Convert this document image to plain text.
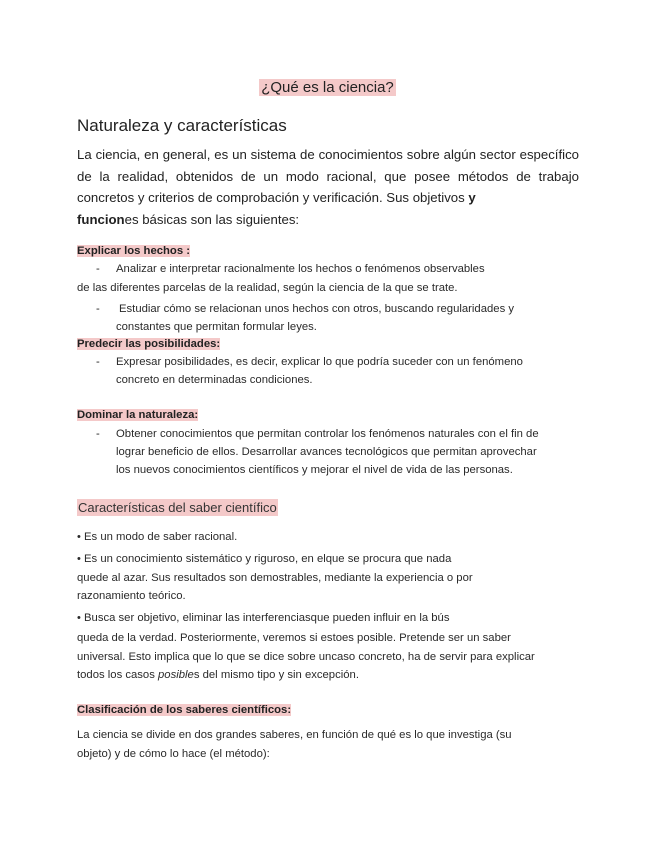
¿Qué es la ciencia?
Naturaleza y características
La ciencia, en general, es un sistema de conocimientos sobre algún sector específico de la realidad, obtenidos de un modo racional, que posee métodos de trabajo concretos y criterios de comprobación y verificación. Sus objetivos y
funciones básicas son las siguientes:
Explicar los hechos :
- Analizar e interpretar racionalmente los hechos o fenómenos observables
de las diferentes parcelas de la realidad, según la ciencia de la que se trate.
- Estudiar cómo se relacionan unos hechos con otros, buscando regularidades y
constantes que permitan formular leyes.
Predecir las posibilidades:
- Expresar posibilidades, es decir, explicar lo que podría suceder con un fenómeno
concreto en determinadas condiciones.
Dominar la naturaleza:
- Obtener conocimientos que permitan controlar los fenómenos naturales con el fin de
lograr beneficio de ellos. Desarrollar avances tecnológicos que permitan aprovechar
los nuevos conocimientos científicos y mejorar el nivel de vida de las personas.
Características del saber científico
• Es un modo de saber racional.
• Es un conocimiento sistemático y riguroso, en elque se procura que nada
quede al azar. Sus resultados son demostrables, mediante la experiencia o por
razonamiento teórico.
• Busca ser objetivo, eliminar las interferenciasque pueden influir en la bús
queda de la verdad. Posteriormente, veremos si estoes posible. Pretende ser un saber
universal. Esto implica que lo que se dice sobre uncaso concreto, ha de servir para explicar
todos los casos posibles del mismo tipo y sin excepción.
Clasificación de los saberes científicos:
La ciencia se divide en dos grandes saberes, en función de qué es lo que investiga (su
objeto) y de cómo lo hace (el método):
